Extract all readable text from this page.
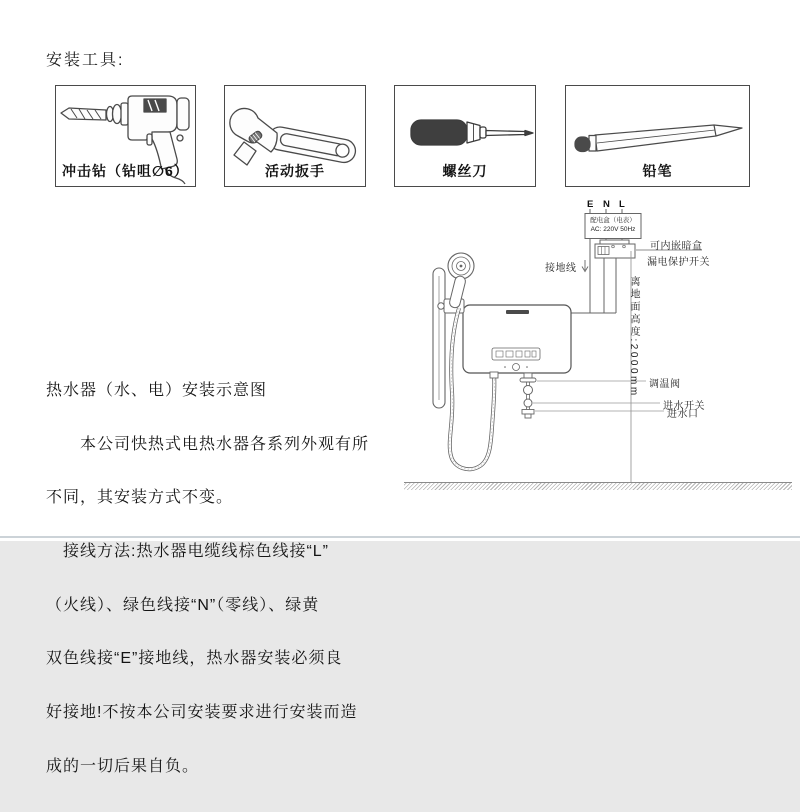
安装工具:
冲击钻（钻咀∅6）	活动扳手	螺丝刀	铅笔

热水器（水、电）安装示意图

　　本公司快热式电热水器各系列外观有所

不同，其安装方式不变。

　接线方法:热水器电缆线棕色线接“L”

（火线）、绿色线接“N”（零线）、绿黄

双色线接“E”接地线，热水器安装必须良

好接地!不按本公司安装要求进行安装而造

成的一切后果自负。

E N L
配电盒（电表）
AC: 220V 50Hz
接地线
可内嵌暗盒
漏电保护开关
离地面高度:2000mm 调温阀
进水开关
进水口
